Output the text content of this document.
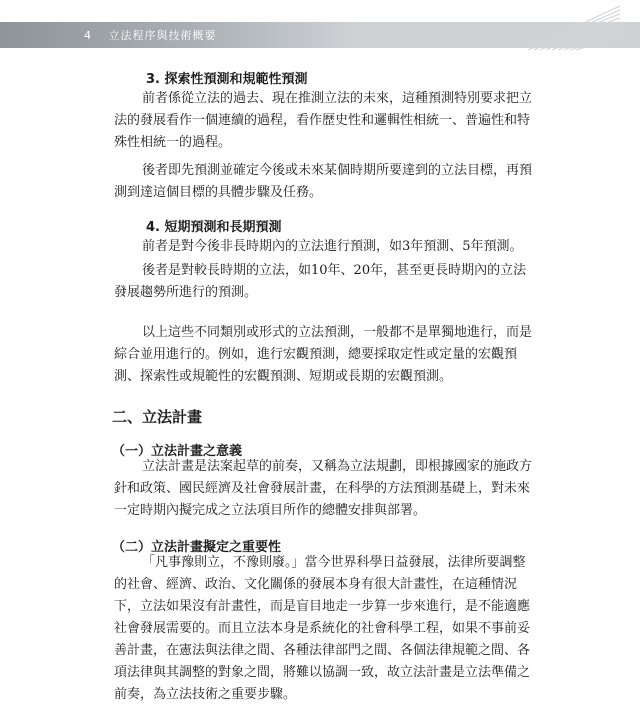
4 立法程序與技術概要
3. 探索性預測和規範性預測
前者係從立法的過去、現在推測立法的未來，這種預測特別要求把立
法的發展看作一個連續的過程，看作歷史性和邏輯性相統一、普遍性和特
殊性相統一的過程。
後者即先預測並確定今後或未來某個時期所要達到的立法目標，再預
測到達這個目標的具體步驟及任務。
4. 短期預測和長期預測
前者是對今後非長時期內的立法進行預測，如3年預測、5年預測。
後者是對較長時期的立法，如10年、20年，甚至更長時期內的立法
發展趨勢所進行的預測。
以上這些不同類別或形式的立法預測，一般都不是單獨地進行，而是
綜合並用進行的。例如，進行宏觀預測，總要採取定性或定量的宏觀預
測、探索性或規範性的宏觀預測、短期或長期的宏觀預測。
二、立法計畫
（一）立法計畫之意義
立法計畫是法案起草的前奏，又稱為立法規劃，即根據國家的施政方
針和政策、國民經濟及社會發展計畫，在科學的方法預測基礎上，對未來
一定時期內擬完成之立法項目所作的總體安排與部署。
（二）立法計畫擬定之重要性
「凡事豫則立，不豫則廢。」當今世界科學日益發展，法律所要調整
的社會、經濟、政治、文化關係的發展本身有很大計畫性，在這種情況
下，立法如果沒有計畫性，而是盲目地走一步算一步來進行，是不能適應
社會發展需要的。而且立法本身是系統化的社會科學工程，如果不事前妥
善計畫，在憲法與法律之間、各種法律部門之間、各個法律規範之間、各
項法律與其調整的對象之間，將難以協調一致，故立法計畫是立法準備之
前奏，為立法技術之重要步驟。
